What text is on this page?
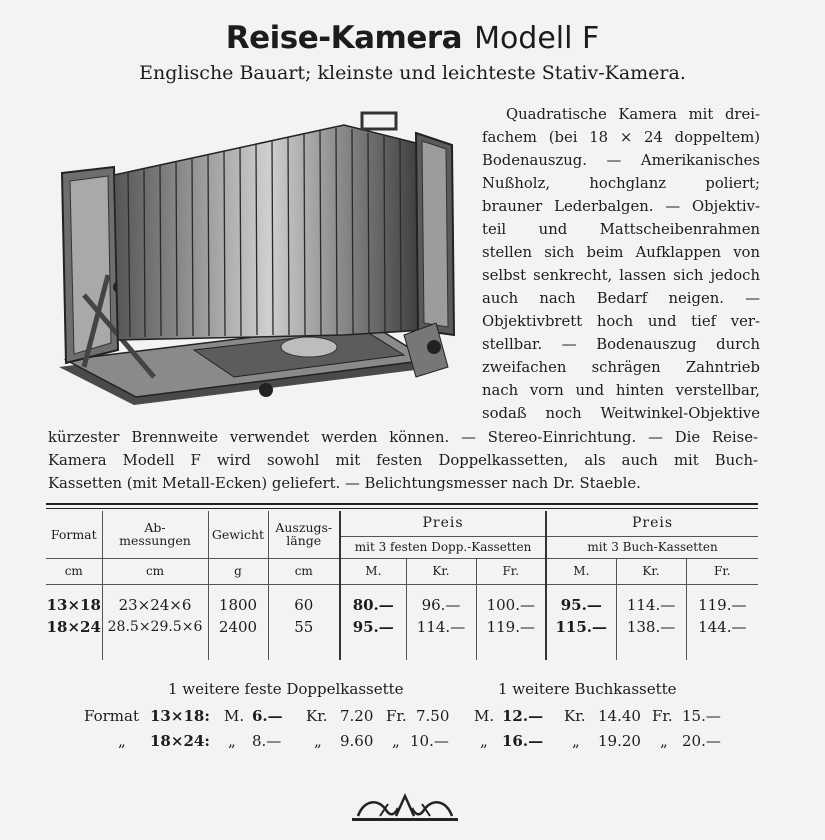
Reise-Kamera Modell F
Englische Bauart; kleinste und leichteste Stativ-Kamera.
Quadratische Kamera mit drei-
fachem (bei 18 × 24 doppeltem)
Bodenauszug. — Amerikanisches
Nußholz, hochglanz poliert;
brauner Lederbalgen. — Objektiv-
teil und Mattscheibenrahmen
stellen sich beim Aufklappen von
selbst senkrecht, lassen sich jedoch
auch nach Bedarf neigen. —
Objektivbrett hoch und tief ver-
stellbar. — Bodenauszug durch
zweifachen schrägen Zahntrieb
nach vorn und hinten verstellbar,
sodaß noch Weitwinkel-Objektive
kürzester Brennweite verwendet werden können. — Stereo-Einrichtung. — Die Reise-
Kamera Modell F wird sowohl mit festen Doppelkassetten, als auch mit Buch-
Kassetten (mit Metall-Ecken) geliefert. — Belichtungsmesser nach Dr. Staeble.
Format	Ab-
messungen	Gewicht	Auszugs-
länge	Preis			Preis		
				mit 3 festen Dopp.-Kassetten			mit 3 Buch-Kassetten		
cm	cm	g	cm	M.	Kr.	Fr.	M.	Kr.	Fr.

13×18	23×24×6	1800	60	80.—	96.—	100.—	95.—	114.—	119.—
18×24	28.5×29.5×6	2400	55	95.—	114.—	119.—	115.—	138.—	144.—

1 weitere feste Doppelkassette	1 weitere Buchkassette
Format 13×18: M. 6.— Kr. 7.20 Fr. 7.50 M. 12.— Kr. 14.40 Fr. 15.—
„ 18×24: „ 8.— „ 9.60 „ 10.— „ 16.— „ 19.20 „ 20.—
